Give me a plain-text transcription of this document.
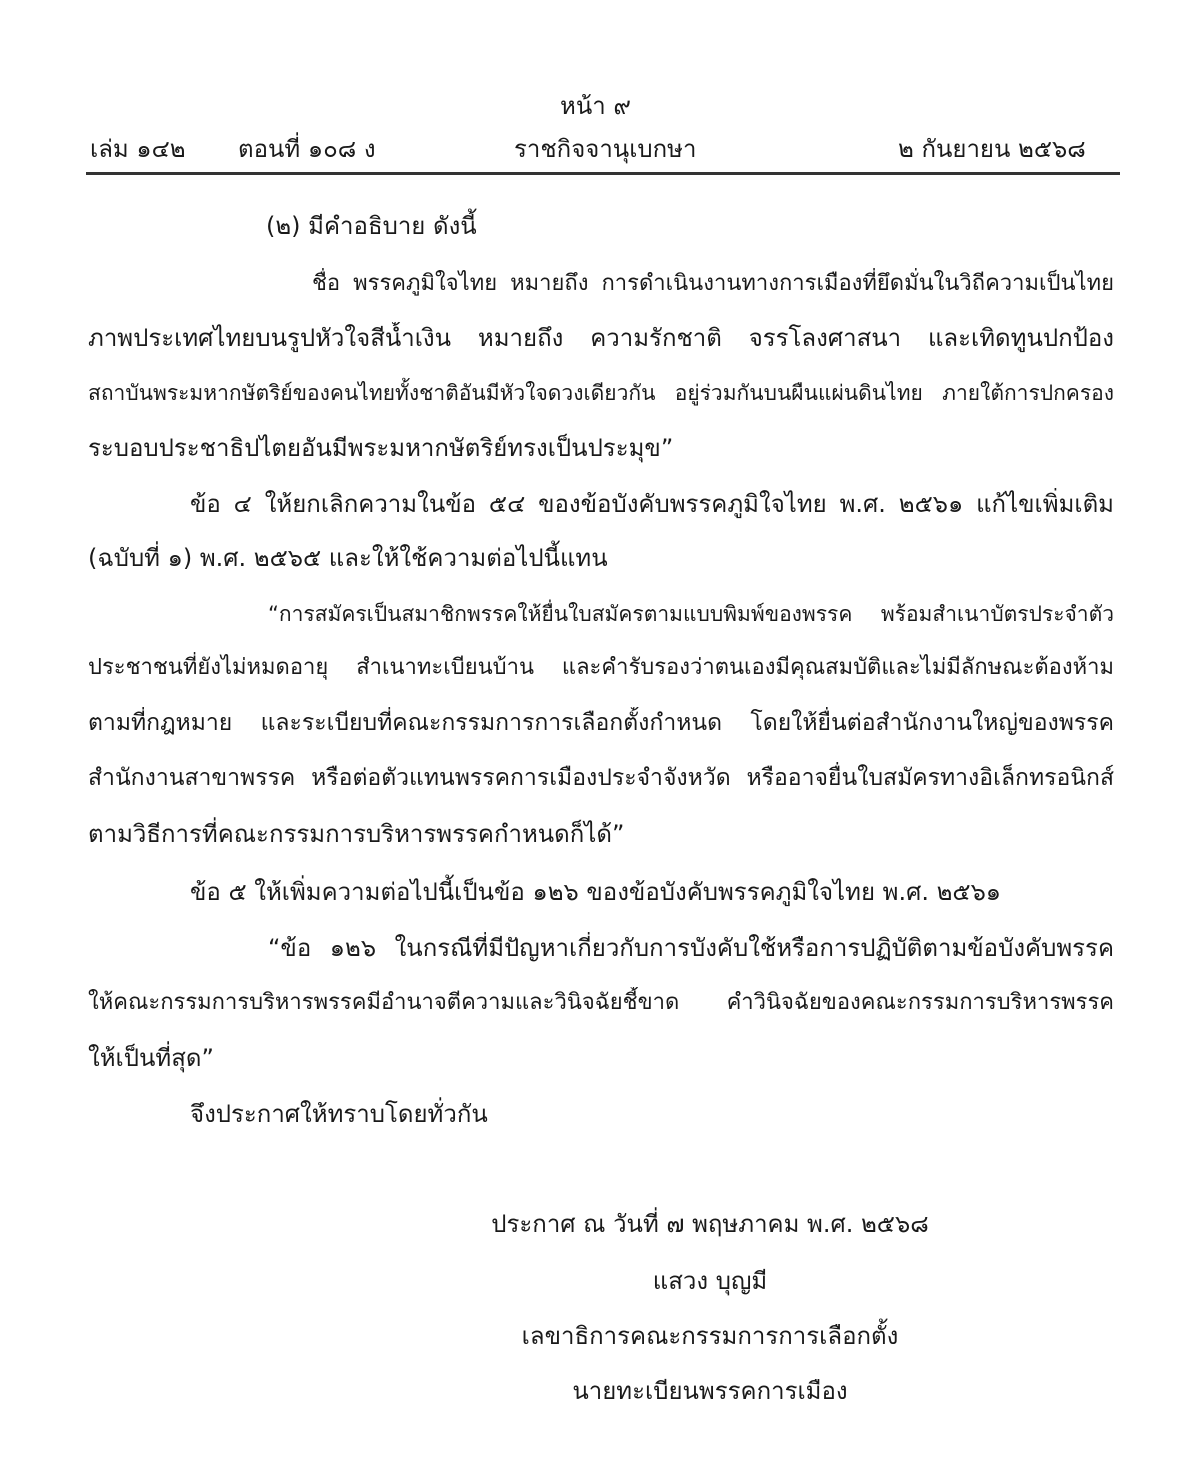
หน้า ๙
เล่ม ๑๔๒ ตอนที่ ๑๐๘ ง	ราชกิจจานุเบกษา	๒ กันยายน ๒๕๖๘
(๒) มีคำอธิบาย ดังนี้
ชื่อ พรรคภูมิใจไทย หมายถึง การดำเนินงานทางการเมืองที่ยึดมั่นในวิถีความเป็นไทย
ภาพประเทศไทยบนรูปหัวใจสีน้ำเงิน หมายถึง ความรักชาติ จรรโลงศาสนา และเทิดทูนปกป้อง
สถาบันพระมหากษัตริย์ของคนไทยทั้งชาติอันมีหัวใจดวงเดียวกัน อยู่ร่วมกันบนผืนแผ่นดินไทย ภายใต้การปกครอง
ระบอบประชาธิปไตยอันมีพระมหากษัตริย์ทรงเป็นประมุข”
ข้อ ๔ ให้ยกเลิกความในข้อ ๕๔ ของข้อบังคับพรรคภูมิใจไทย พ.ศ. ๒๕๖๑ แก้ไขเพิ่มเติม
(ฉบับที่ ๑) พ.ศ. ๒๕๖๕ และให้ใช้ความต่อไปนี้แทน
“การสมัครเป็นสมาชิกพรรคให้ยื่นใบสมัครตามแบบพิมพ์ของพรรค พร้อมสำเนาบัตรประจำตัว
ประชาชนที่ยังไม่หมดอายุ สำเนาทะเบียนบ้าน และคำรับรองว่าตนเองมีคุณสมบัติและไม่มีลักษณะต้องห้าม
ตามที่กฎหมาย และระเบียบที่คณะกรรมการการเลือกตั้งกำหนด โดยให้ยื่นต่อสำนักงานใหญ่ของพรรค
สำนักงานสาขาพรรค หรือต่อตัวแทนพรรคการเมืองประจำจังหวัด หรืออาจยื่นใบสมัครทางอิเล็กทรอนิกส์
ตามวิธีการที่คณะกรรมการบริหารพรรคกำหนดก็ได้”
ข้อ ๕ ให้เพิ่มความต่อไปนี้เป็นข้อ ๑๒๖ ของข้อบังคับพรรคภูมิใจไทย พ.ศ. ๒๕๖๑
“ข้อ ๑๒๖ ในกรณีที่มีปัญหาเกี่ยวกับการบังคับใช้หรือการปฏิบัติตามข้อบังคับพรรค
ให้คณะกรรมการบริหารพรรคมีอำนาจตีความและวินิจฉัยชี้ขาด คำวินิจฉัยของคณะกรรมการบริหารพรรค
ให้เป็นที่สุด”
จึงประกาศให้ทราบโดยทั่วกัน
ประกาศ ณ วันที่ ๗ พฤษภาคม พ.ศ. ๒๕๖๘
แสวง บุญมี
เลขาธิการคณะกรรมการการเลือกตั้ง
นายทะเบียนพรรคการเมือง
